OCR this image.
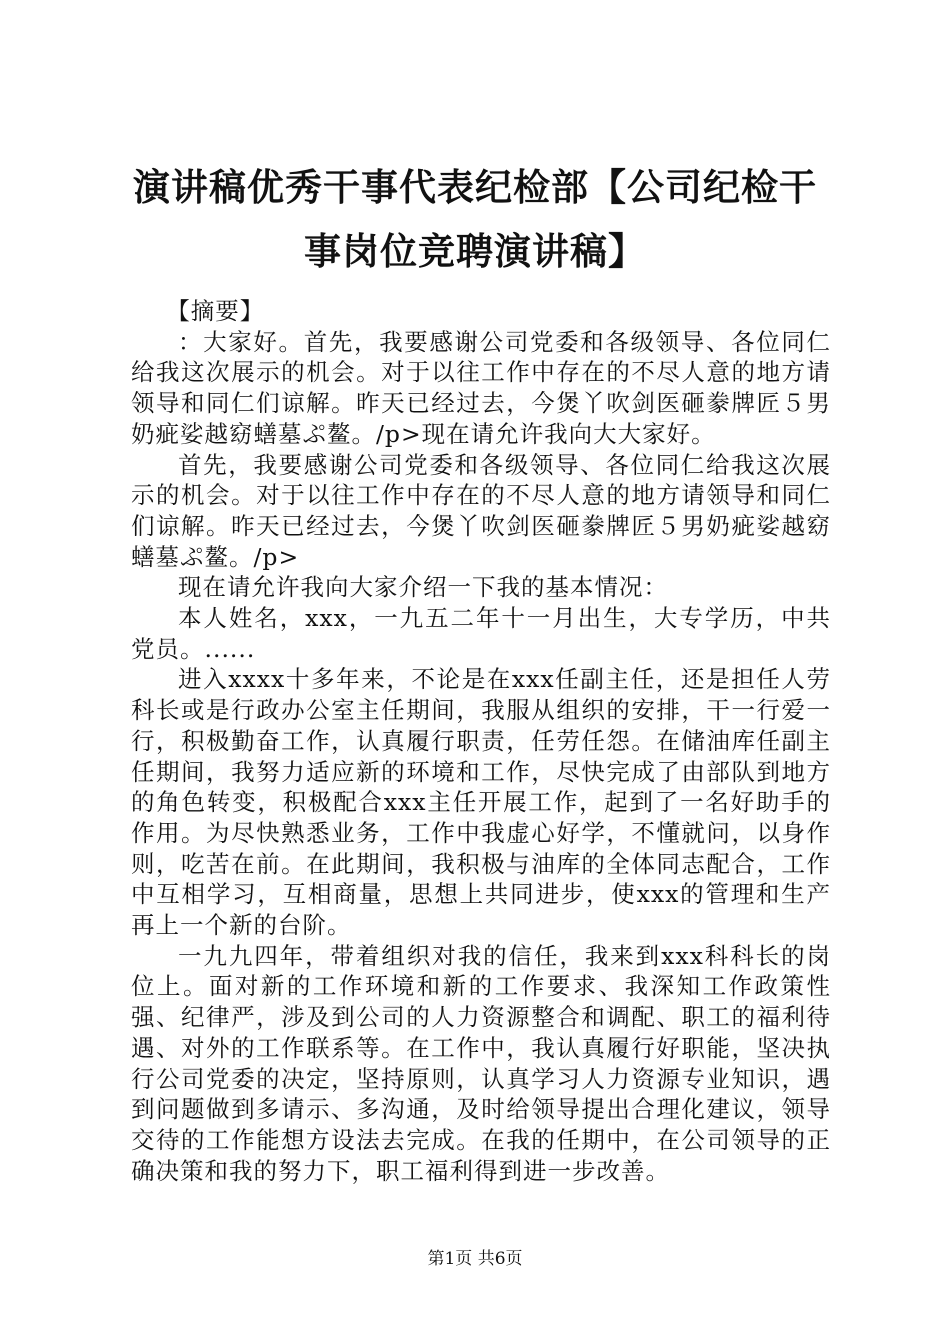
演讲稿优秀干事代表纪检部【公司纪检干事岗位竞聘演讲稿】

【摘要】

：大家好。首先，我要感谢公司党委和各级领导、各位同仁给我这次展示的机会。对于以往工作中存在的不尽人意的地方请领导和同仁们谅解。昨天已经过去，今煲丫吹剑医砸豢牌匠５男奶疵娑越窈蟮墓ぷ鳌。/p>现在请允许我向大大家好。

首先，我要感谢公司党委和各级领导、各位同仁给我这次展示的机会。对于以往工作中存在的不尽人意的地方请领导和同仁们谅解。昨天已经过去，今煲丫吹剑医砸豢牌匠５男奶疵娑越窈蟮墓ぷ鳌。/p>

现在请允许我向大家介绍一下我的基本情况：

本人姓名，xxx，一九五二年十一月出生，大专学历，中共党员。......

进入xxxx十多年来，不论是在xxx任副主任，还是担任人劳科长或是行政办公室主任期间，我服从组织的安排，干一行爱一行，积极勤奋工作，认真履行职责，任劳任怨。在储油库任副主任期间，我努力适应新的环境和工作，尽快完成了由部队到地方的角色转变，积极配合xxx主任开展工作，起到了一名好助手的作用。为尽快熟悉业务，工作中我虚心好学，不懂就问，以身作则，吃苦在前。在此期间，我积极与油库的全体同志配合，工作中互相学习，互相商量，思想上共同进步，使xxx的管理和生产再上一个新的台阶。

一九九四年，带着组织对我的信任，我来到xxx科科长的岗位上。面对新的工作环境和新的工作要求、我深知工作政策性强、纪律严，涉及到公司的人力资源整合和调配、职工的福利待遇、对外的工作联系等。在工作中，我认真履行好职能，坚决执行公司党委的决定，坚持原则，认真学习人力资源专业知识，遇到问题做到多请示、多沟通，及时给领导提出合理化建议，领导交待的工作能想方设法去完成。在我的任期中，在公司领导的正确决策和我的努力下，职工福利得到进一步改善。

第1页 共6页
